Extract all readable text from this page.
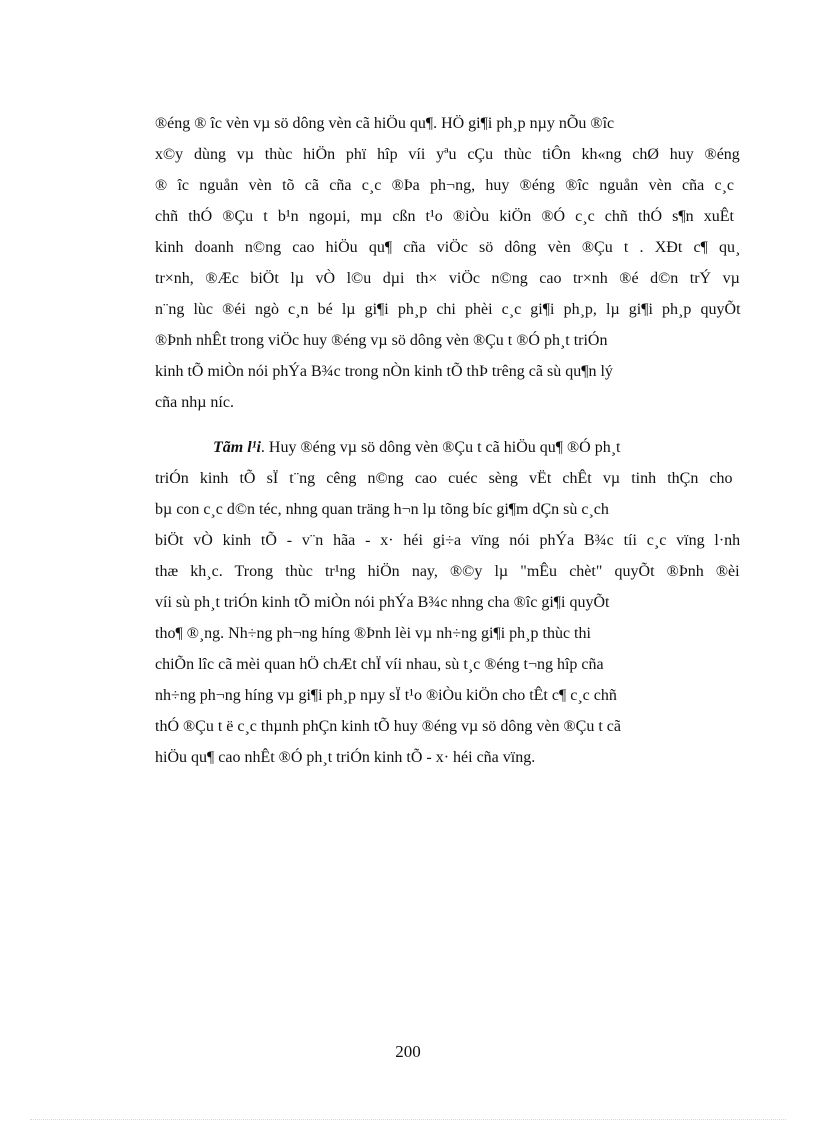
®éng ® îc vèn vµ sö dông vèn cã hiÖu qu¶. HÖ gi¶i ph¸p nµy nÕu ®îc
x©y dùng vµ thùc hiÖn phï hîp víi yªu cÇu thùc tiÔn kh«ng chØ huy ®éng
® îc nguån vèn tõ cã cña c¸c ®Þa ph¬ng, huy ®éng ®îc nguån vèn cña c¸c
chñ thÓ ®Çu t b¹n ngoµi, mµ cßn t¹o ®iÒu kiÖn ®Ó c¸c chñ thÓ s¶n xuÊt
kinh doanh n©ng cao hiÖu qu¶ cña viÖc sö dông vèn ®Çu t . XÐt c¶ qu¸
tr×nh, ®Æc biÖt lµ vÒ l©u dµi th× viÖc n©ng cao tr×nh ®é d©n trÝ vµ
n¨ng lùc ®éi ngò c¸n bé lµ gi¶i ph¸p chi phèi c¸c gi¶i ph¸p, lµ gi¶i ph¸p quyÕt
®Þnh nhÊt trong viÖc huy ®éng vµ sö dông vèn ®Çu t ®Ó ph¸t triÓn
kinh tÕ miÒn nói phÝa B¾c trong nÒn kinh tÕ thÞ trêng cã sù qu¶n lý
cña nhµ níc.
Tãm l¹i. Huy ®éng vµ sö dông vèn ®Çu t cã hiÖu qu¶ ®Ó ph¸t
triÓn kinh tÕ sÏ t¨ng cêng n©ng cao cuéc sèng vËt chÊt vµ tinh thÇn cho
bµ con c¸c d©n téc, nhng quan träng h¬n lµ tõng bíc gi¶m dÇn sù c¸ch
biÖt vÒ kinh tÕ - v¨n hãa - x· héi gi÷a vïng nói phÝa B¾c tíi c¸c vïng l·nh
thæ kh¸c. Trong thùc tr¹ng hiÖn nay, ®©y lµ "mÊu chèt" quyÕt ®Þnh ®èi
víi sù ph¸t triÓn kinh tÕ miÒn nói phÝa B¾c nhng cha ®îc gi¶i quyÕt
tho¶ ®¸ng. Nh÷ng ph¬ng híng ®Þnh lèi vµ nh÷ng gi¶i ph¸p thùc thi
chiÕn lîc cã mèi quan hÖ chÆt chÏ víi nhau, sù t¸c ®éng t¬ng hîp cña
nh÷ng ph¬ng híng vµ gi¶i ph¸p nµy sÏ t¹o ®iÒu kiÖn cho tÊt c¶ c¸c chñ
thÓ ®Çu t ë c¸c thµnh phÇn kinh tÕ huy ®éng vµ sö dông vèn ®Çu t cã
hiÖu qu¶ cao nhÊt ®Ó ph¸t triÓn kinh tÕ - x· héi cña vïng.
200
